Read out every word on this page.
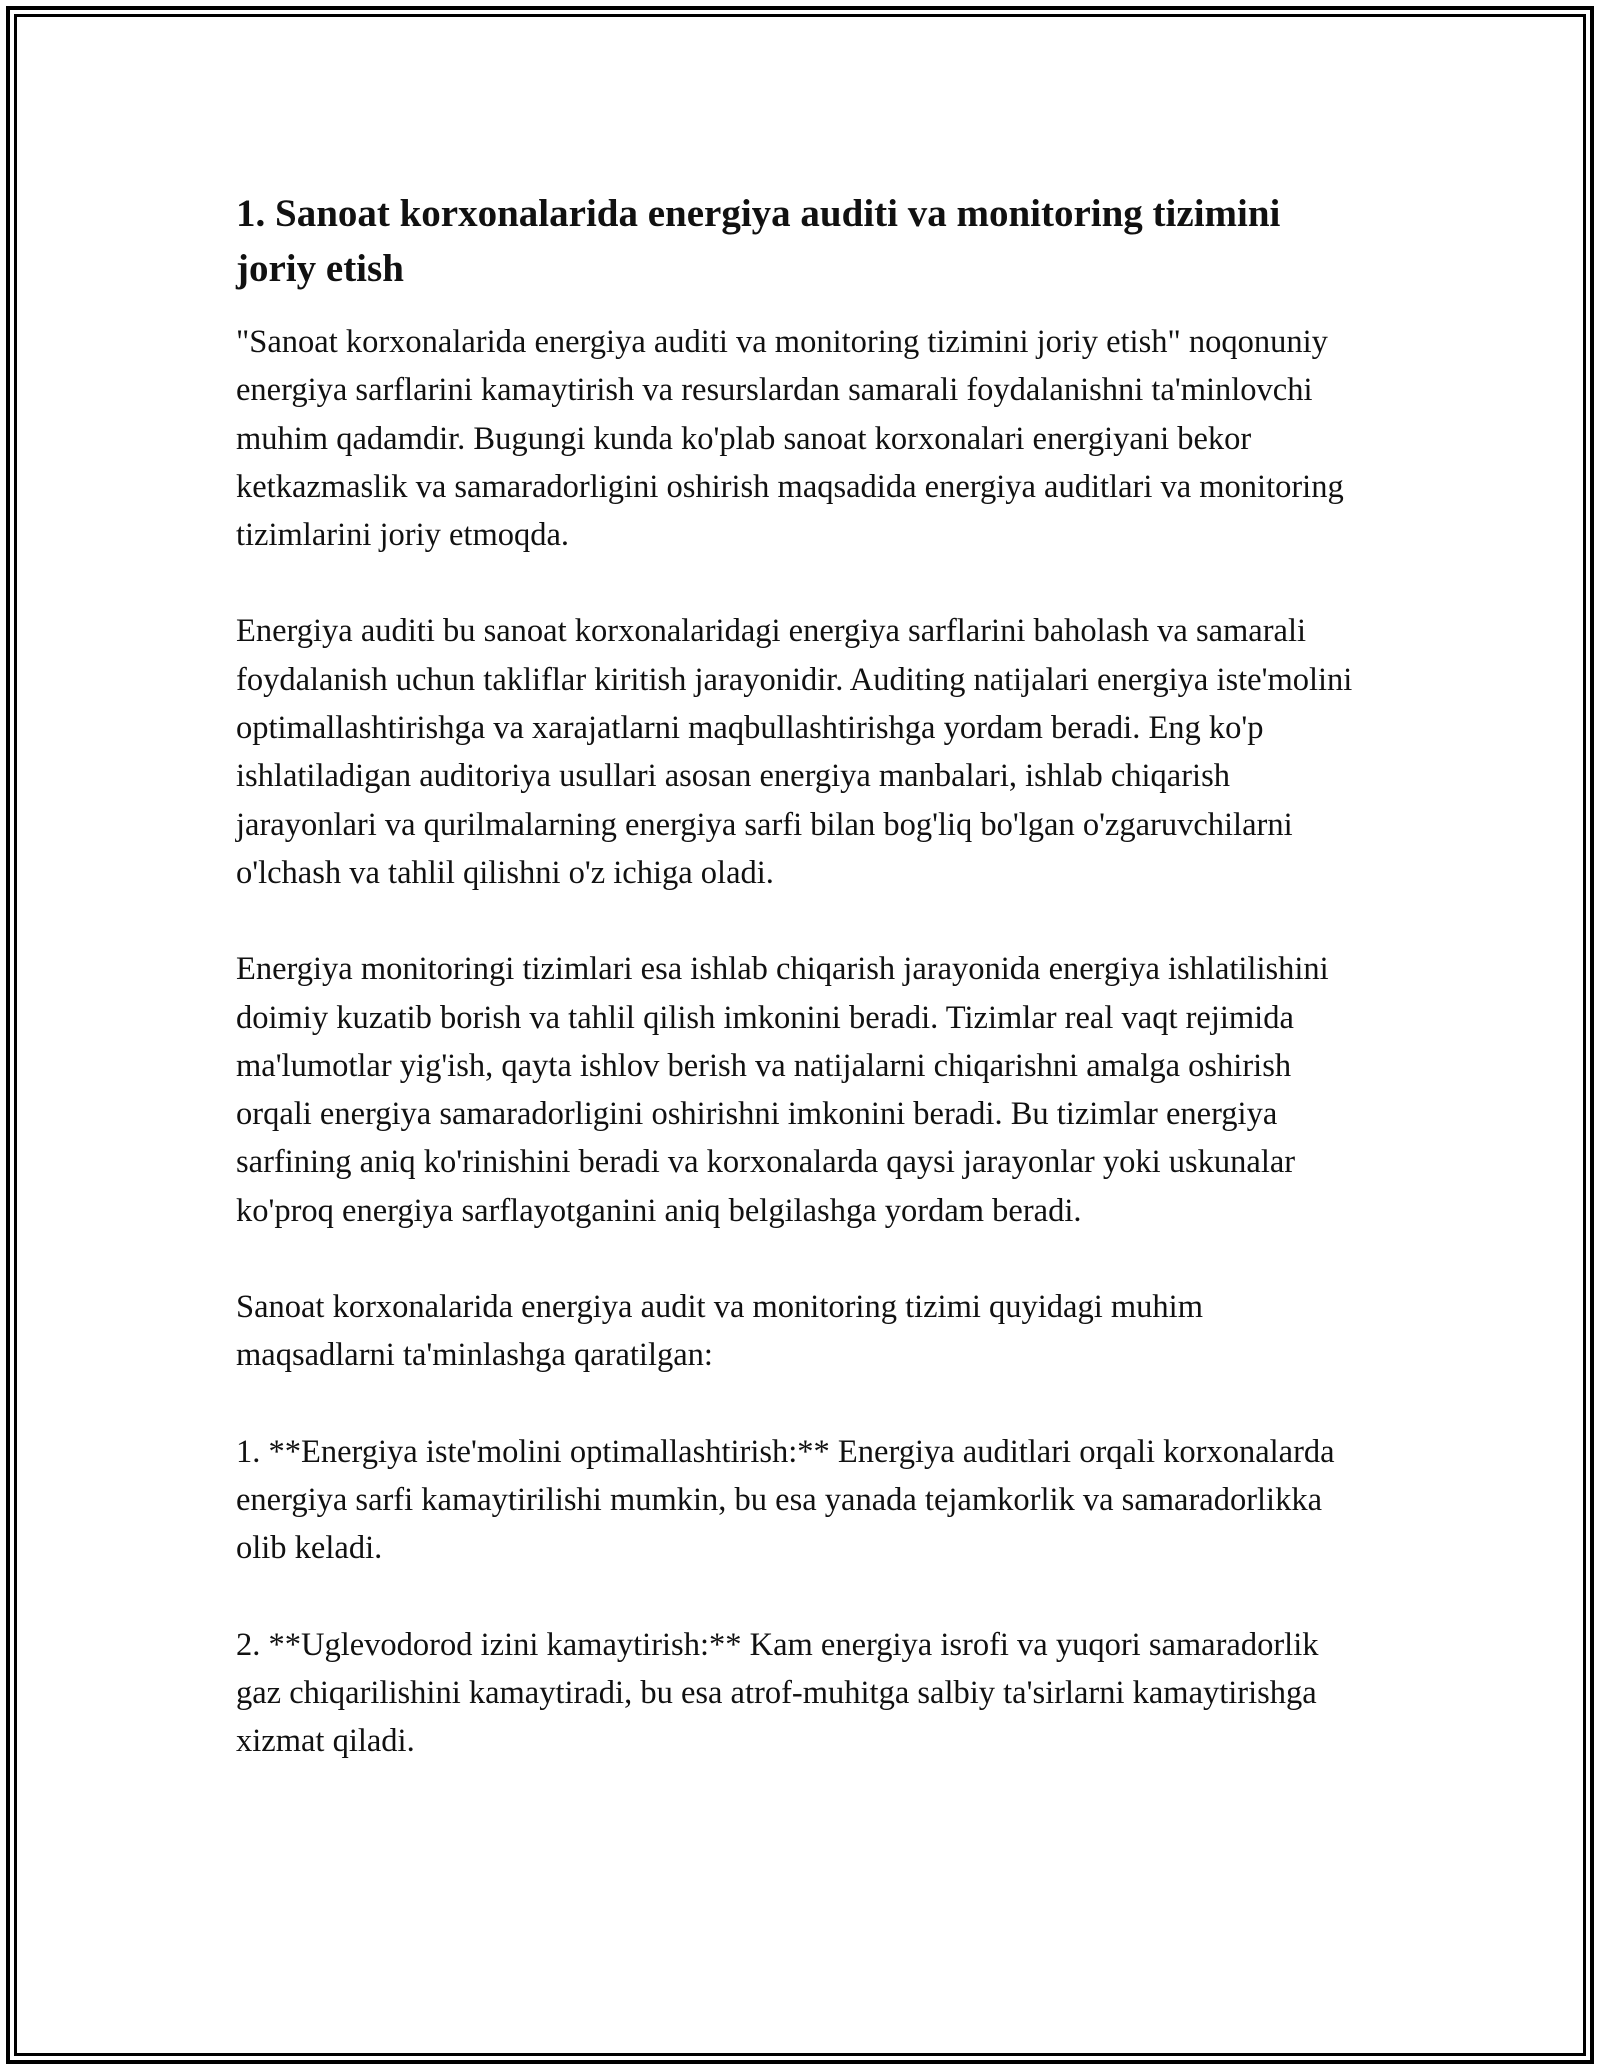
1. Sanoat korxonalarida energiya auditi va monitoring tizimini joriy etish

"Sanoat korxonalarida energiya auditi va monitoring tizimini joriy etish" noqonuniy energiya sarflarini kamaytirish va resurslardan samarali foydalanishni ta'minlovchi muhim qadamdir. Bugungi kunda ko'plab sanoat korxonalari energiyani bekor ketkazmaslik va samaradorligini oshirish maqsadida energiya auditlari va monitoring tizimlarini joriy etmoqda.

Energiya auditi bu sanoat korxonalaridagi energiya sarflarini baholash va samarali foydalanish uchun takliflar kiritish jarayonidir. Auditing natijalari energiya iste'molini optimallashtirishga va xarajatlarni maqbullashtirishga yordam beradi. Eng ko'p ishlatiladigan auditoriya usullari asosan energiya manbalari, ishlab chiqarish jarayonlari va qurilmalarning energiya sarfi bilan bog'liq bo'lgan o'zgaruvchilarni o'lchash va tahlil qilishni o'z ichiga oladi.

Energiya monitoringi tizimlari esa ishlab chiqarish jarayonida energiya ishlatilishini doimiy kuzatib borish va tahlil qilish imkonini beradi. Tizimlar real vaqt rejimida ma'lumotlar yig'ish, qayta ishlov berish va natijalarni chiqarishni amalga oshirish orqali energiya samaradorligini oshirishni imkonini beradi. Bu tizimlar energiya sarfining aniq ko'rinishini beradi va korxonalarda qaysi jarayonlar yoki uskunalar ko'proq energiya sarflayotganini aniq belgilashga yordam beradi.

Sanoat korxonalarida energiya audit va monitoring tizimi quyidagi muhim maqsadlarni ta'minlashga qaratilgan:

1. **Energiya iste'molini optimallashtirish:** Energiya auditlari orqali korxonalarda energiya sarfi kamaytirilishi mumkin, bu esa yanada tejamkorlik va samaradorlikka olib keladi.

2. **Uglevodorod izini kamaytirish:** Kam energiya isrofi va yuqori samaradorlik gaz chiqarilishini kamaytiradi, bu esa atrof-muhitga salbiy ta'sirlarni kamaytirishga xizmat qiladi.
